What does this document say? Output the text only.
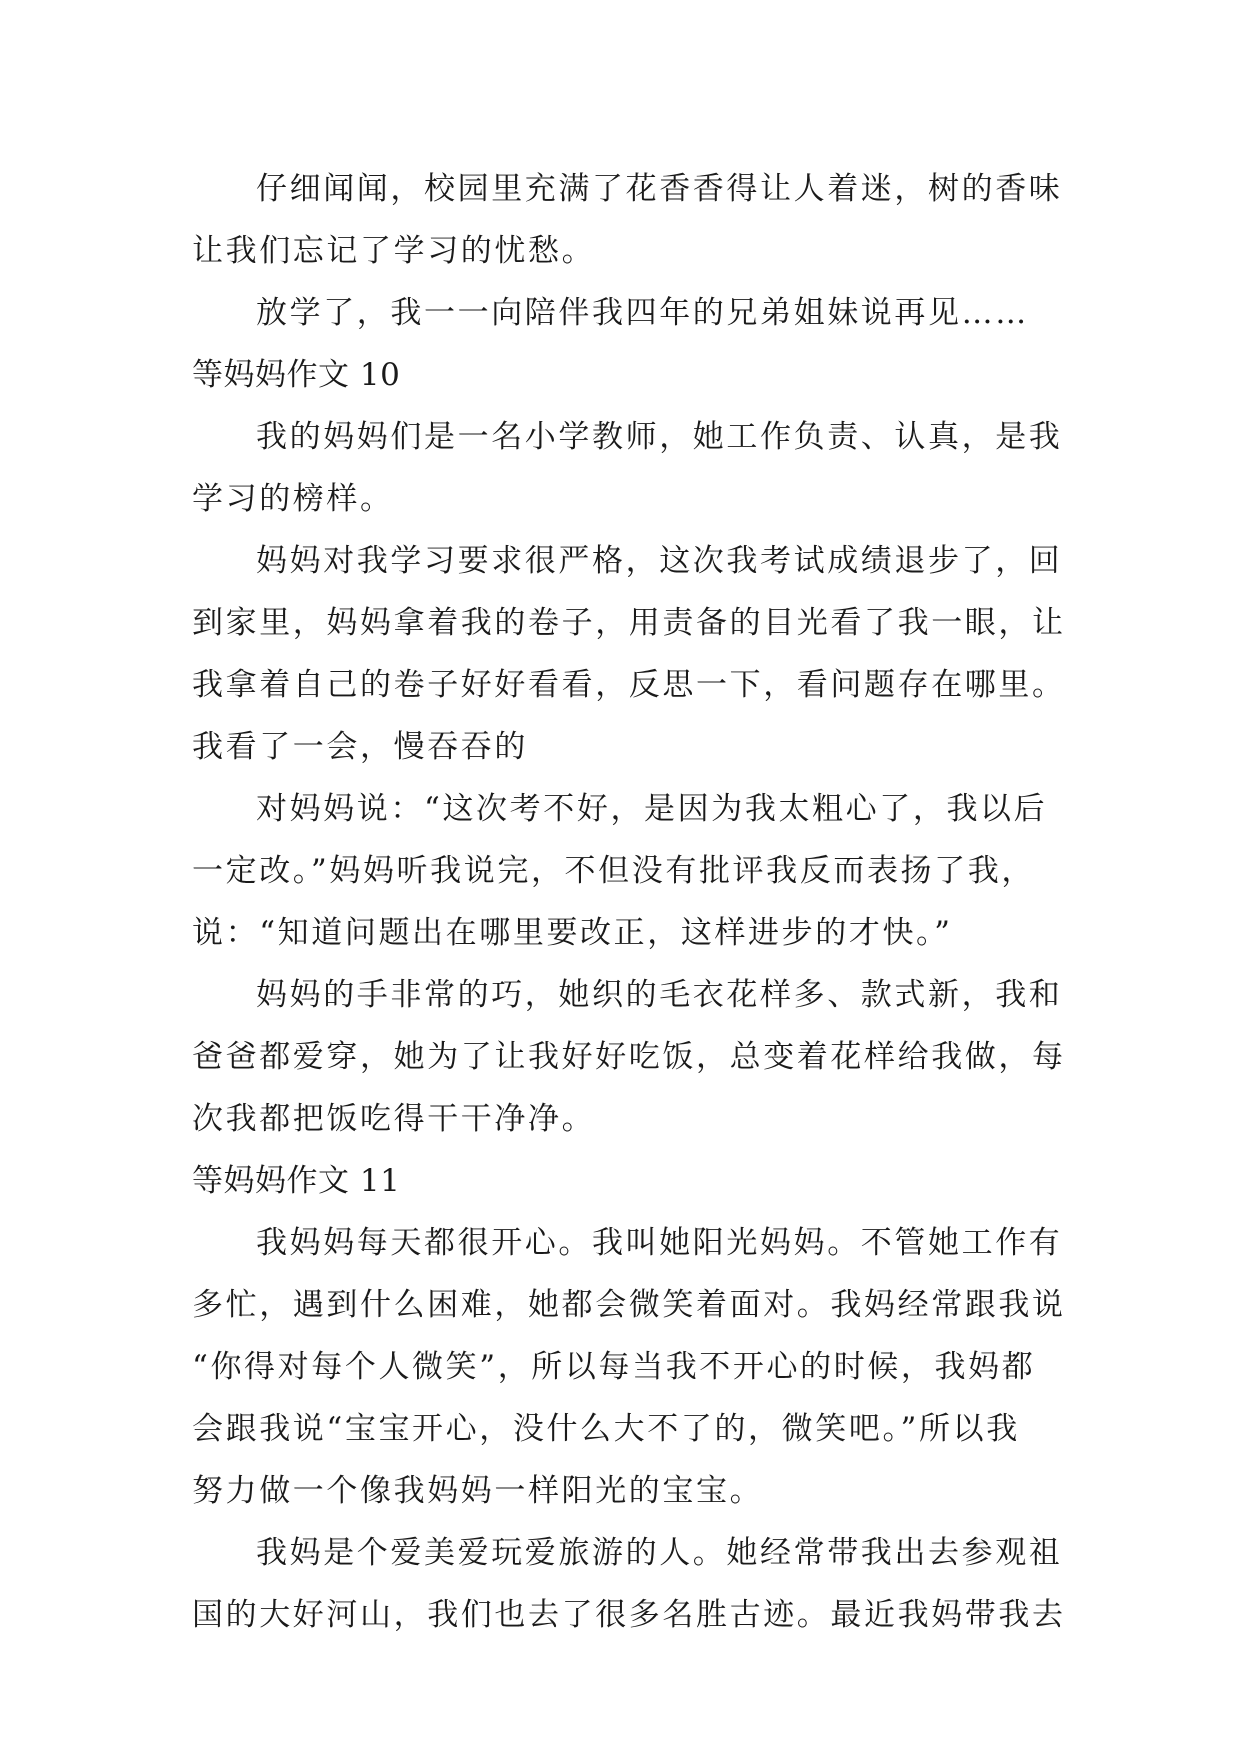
仔细闻闻，校园里充满了花香香得让人着迷，树的香味
让我们忘记了学习的忧愁。
放学了，我一一向陪伴我四年的兄弟姐妹说再见……
等妈妈作文 10
我的妈妈们是一名小学教师，她工作负责、认真，是我
学习的榜样。
妈妈对我学习要求很严格，这次我考试成绩退步了，回
到家里，妈妈拿着我的卷子，用责备的目光看了我一眼，让
我拿着自己的卷子好好看看，反思一下，看问题存在哪里。
我看了一会，慢吞吞的
对妈妈说：“这次考不好，是因为我太粗心了，我以后
一定改。”妈妈听我说完，不但没有批评我反而表扬了我，
说：“知道问题出在哪里要改正，这样进步的才快。”
妈妈的手非常的巧，她织的毛衣花样多、款式新，我和
爸爸都爱穿，她为了让我好好吃饭，总变着花样给我做，每
次我都把饭吃得干干净净。
等妈妈作文 11
我妈妈每天都很开心。我叫她阳光妈妈。不管她工作有
多忙，遇到什么困难，她都会微笑着面对。我妈经常跟我说
“你得对每个人微笑”，所以每当我不开心的时候，我妈都
会跟我说“宝宝开心，没什么大不了的，微笑吧。”所以我
努力做一个像我妈妈一样阳光的宝宝。
我妈是个爱美爱玩爱旅游的人。她经常带我出去参观祖
国的大好河山，我们也去了很多名胜古迹。最近我妈带我去
